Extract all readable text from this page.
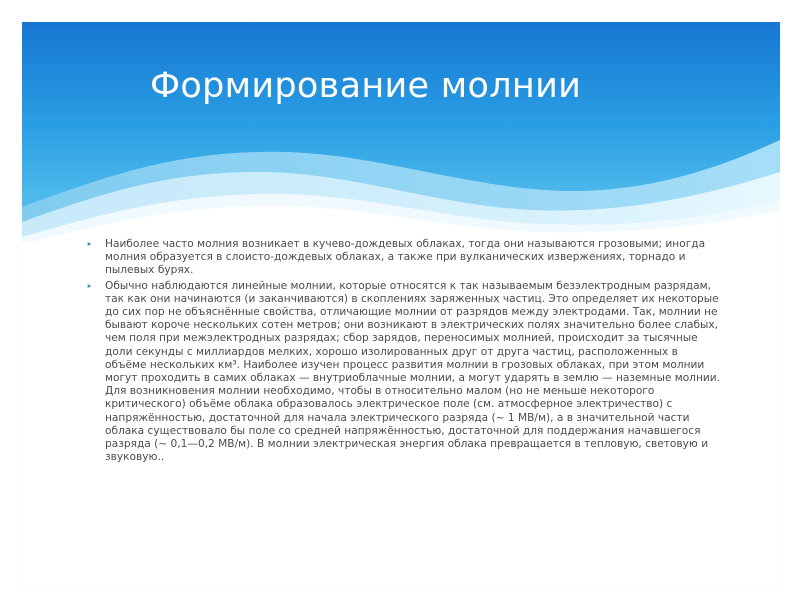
Формирование молнии
‣ Наиболее часто молния возникает в кучево-дождевых облаках, тогда они называются грозовыми; иногда молния образуется в слоисто-дождевых облаках, а также при вулканических извержениях, торнадо и пылевых бурях.
‣ Обычно наблюдаются линейные молнии, которые относятся к так называемым безэлектродным разрядам, так как они начинаются (и заканчиваются) в скоплениях заряженных частиц. Это определяет их некоторые до сих пор не объяснённые свойства, отличающие молнии от разрядов между электродами. Так, молнии не бывают короче нескольких сотен метров; они возникают в электрических полях значительно более слабых, чем поля при межэлектродных разрядах; сбор зарядов, переносимых молнией, происходит за тысячные доли секунды с миллиардов мелких, хорошо изолированных друг от друга частиц, расположенных в объёме нескольких км³. Наиболее изучен процесс развития молнии в грозовых облаках, при этом молнии могут проходить в самих облаках — внутриоблачные молнии, а могут ударять в землю — наземные молнии. Для возникновения молнии необходимо, чтобы в относительно малом (но не меньше некоторого критического) объёме облака образовалось электрическое поле (см. атмосферное электричество) с напряжённостью, достаточной для начала электрического разряда (~ 1 МВ/м), а в значительной части облака существовало бы поле со средней напряжённостью, достаточной для поддержания начавшегося разряда (~ 0,1—0,2 МВ/м). В молнии электрическая энергия облака превращается в тепловую, световую и звуковую..
